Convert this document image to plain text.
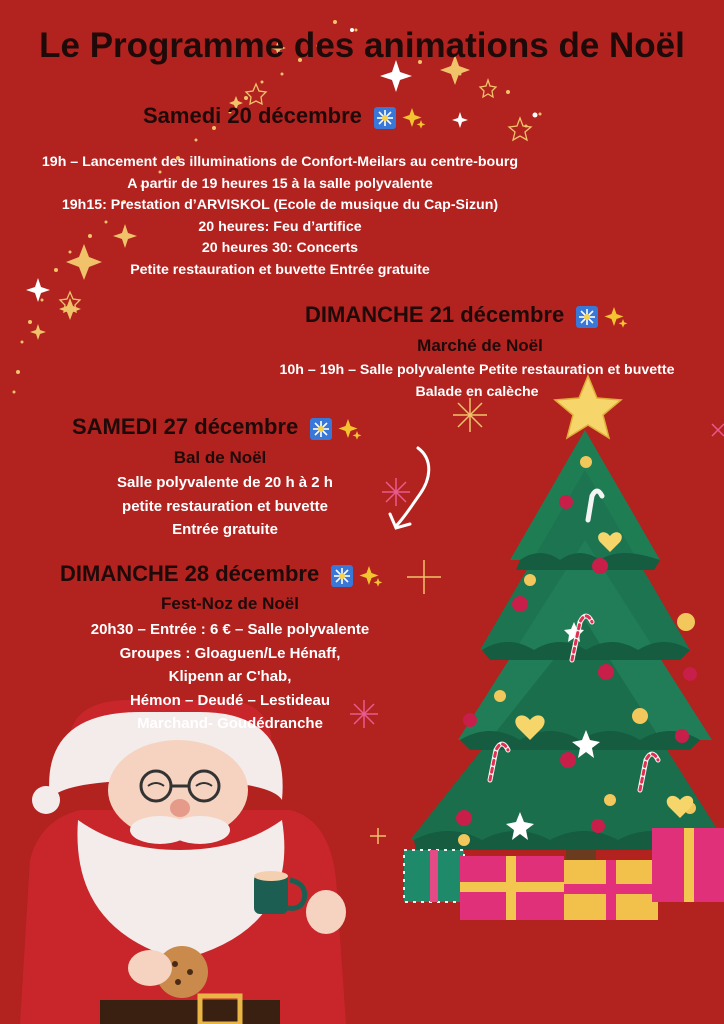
Le Programme des animations de Noël
Samedi 20 décembre
19h – Lancement des illuminations de Confort-Meilars au centre-bourg
A partir de 19 heures 15 à la salle polyvalente
19h15: Prestation d’ARVISKOL (Ecole de musique du Cap-Sizun)
20 heures: Feu d’artifice
20 heures 30: Concerts
Petite restauration et buvette Entrée gratuite
DIMANCHE 21 décembre
Marché de Noël
10h – 19h – Salle polyvalente Petite restauration et buvette
Balade en calèche
SAMEDI 27 décembre
Bal de Noël
Salle polyvalente de 20 h à 2 h
petite restauration et buvette
Entrée gratuite
DIMANCHE 28 décembre
Fest-Noz de Noël
20h30 – Entrée : 6 € – Salle polyvalente
Groupes : Gloaguen/Le Hénaff,
Klipenn ar C'hab,
Hémon – Deudé – Lestideau
Marchand- Goudédranche
